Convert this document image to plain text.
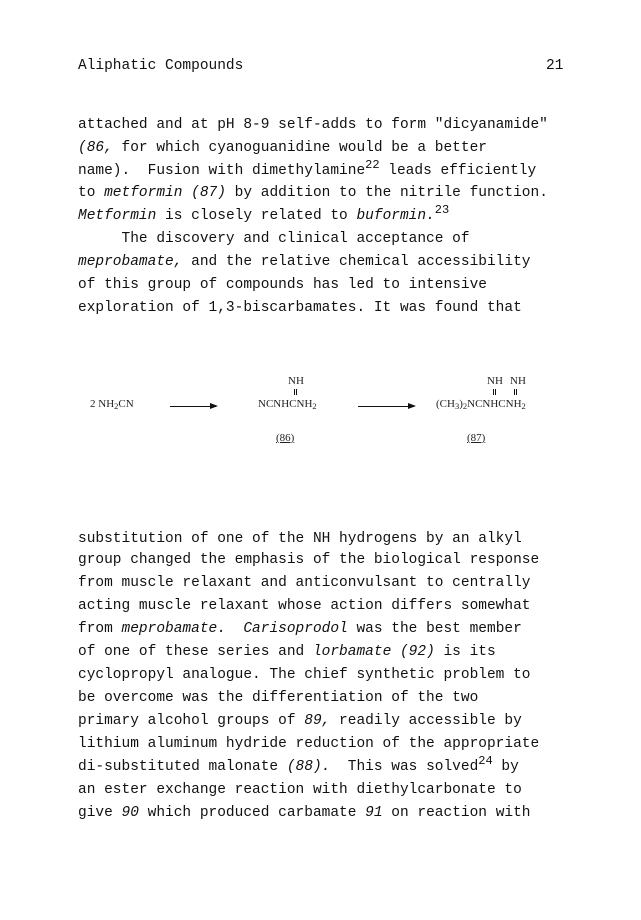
Aliphatic Compounds	21
attached and at pH 8-9 self-adds to form "dicyanamide"
(86, for which cyanoguanidine would be a better
name).  Fusion with dimethylamine$^{22}$ leads efficiently
to metformin (87) by addition to the nitrile function.
Metformin is closely related to buformin.$^{23}$
The discovery and clinical acceptance of
meprobamate, and the relative chemical accessibility
of this group of compounds has led to intensive
exploration of 1,3-biscarbamates. It was found that
2 NH2CN
NH
NCNHCNH2
(86)
NH NH
(CH3)2NCNHCNH2
(87)
substitution of one of the NH hydrogens by an alkyl
group changed the emphasis of the biological response
from muscle relaxant and anticonvulsant to centrally
acting muscle relaxant whose action differs somewhat
from meprobamate. Carisoprodol was the best member
of one of these series and lorbamate (92) is its
cyclopropyl analogue. The chief synthetic problem to
be overcome was the differentiation of the two
primary alcohol groups of 89, readily accessible by
lithium aluminum hydride reduction of the appropriate
di-substituted malonate (88).  This was solved$^{24}$ by
an ester exchange reaction with diethylcarbonate to
give 90 which produced carbamate 91 on reaction with
